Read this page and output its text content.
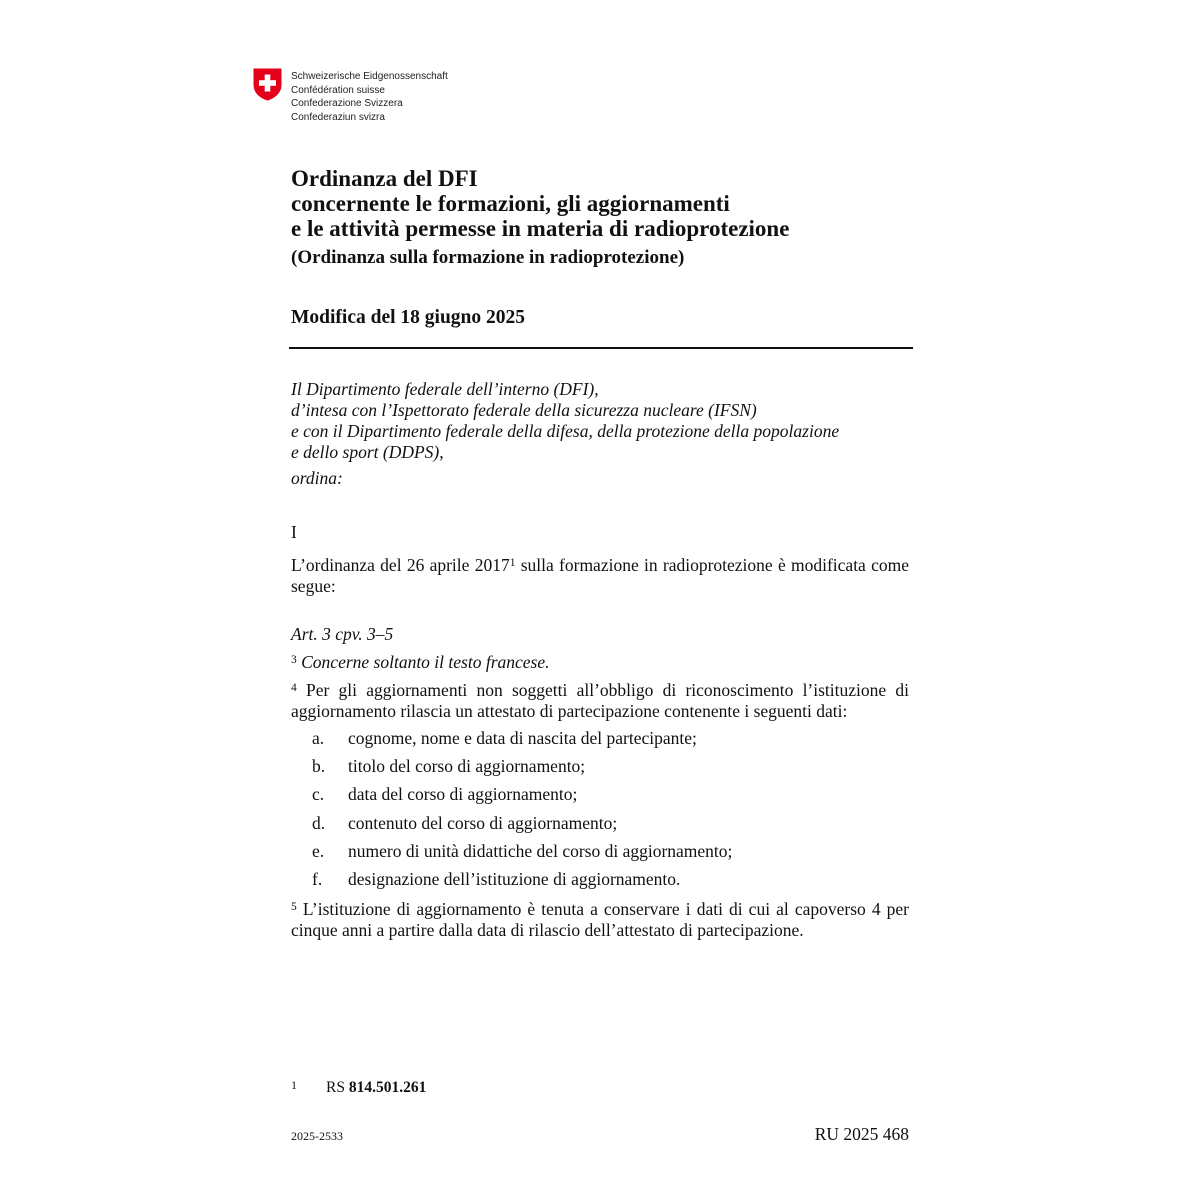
Schweizerische Eidgenossenschaft
Confédération suisse
Confederazione Svizzera
Confederaziun svizra
Ordinanza del DFI
concernente le formazioni, gli aggiornamenti
e le attività permesse in materia di radioprotezione
(Ordinanza sulla formazione in radioprotezione)
Modifica del 18 giugno 2025
Il Dipartimento federale dell’interno (DFI),
d’intesa con l’Ispettorato federale della sicurezza nucleare (IFSN)
e con il Dipartimento federale della difesa, della protezione della popolazione
e dello sport (DDPS),
ordina:
I
L’ordinanza del 26 aprile 2017$^1$ sulla formazione in radioprotezione è modificata come segue:
Art. 3 cpv. 3–5
$^3$ Concerne soltanto il testo francese.
$^4$ Per gli aggiornamenti non soggetti all’obbligo di riconoscimento l’istituzione di aggiornamento rilascia un attestato di partecipazione contenente i seguenti dati:
a. cognome, nome e data di nascita del partecipante;
b. titolo del corso di aggiornamento;
c. data del corso di aggiornamento;
d. contenuto del corso di aggiornamento;
e. numero di unità didattiche del corso di aggiornamento;
f. designazione dell’istituzione di aggiornamento.
$^5$ L’istituzione di aggiornamento è tenuta a conservare i dati di cui al capoverso 4 per cinque anni a partire dalla data di rilascio dell’attestato di partecipazione.
1 RS 814.501.261
2025-2533	RU 2025 468
